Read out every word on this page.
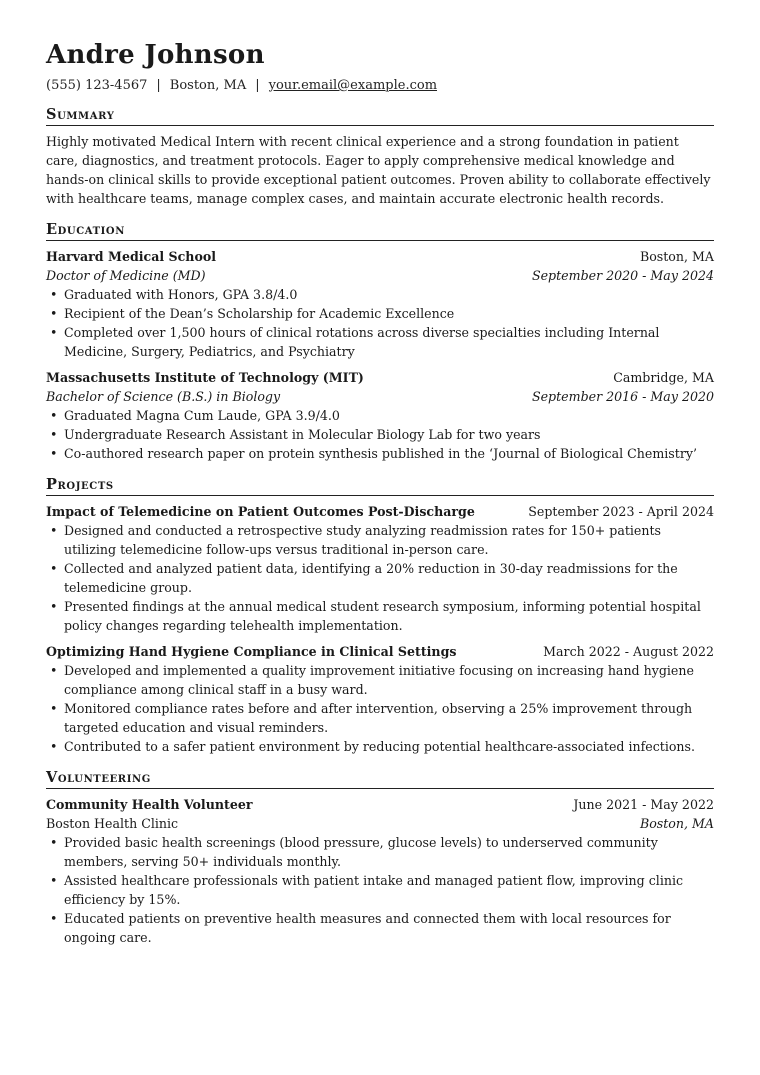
Andre Johnson
(555) 123-4567 | Boston, MA | your.email@example.com
Summary

Highly motivated Medical Intern with recent clinical experience and a strong foundation in patient care, diagnostics, and treatment protocols. Eager to apply comprehensive medical knowledge and hands-on clinical skills to provide exceptional patient outcomes. Proven ability to collaborate effectively with healthcare teams, manage complex cases, and maintain accurate electronic health records.

Education
Harvard Medical School	Boston, MA
Doctor of Medicine (MD)	September 2020 - May 2024
• Graduated with Honors, GPA 3.8/4.0
• Recipient of the Dean’s Scholarship for Academic Excellence
• Completed over 1,500 hours of clinical rotations across diverse specialties including Internal Medicine, Surgery, Pediatrics, and Psychiatry
Massachusetts Institute of Technology (MIT)	Cambridge, MA
Bachelor of Science (B.S.) in Biology	September 2016 - May 2020
• Graduated Magna Cum Laude, GPA 3.9/4.0
• Undergraduate Research Assistant in Molecular Biology Lab for two years
• Co-authored research paper on protein synthesis published in the ‘Journal of Biological Chemistry’
Projects
Impact of Telemedicine on Patient Outcomes Post-Discharge	September 2023 - April 2024
• Designed and conducted a retrospective study analyzing readmission rates for 150+ patients utilizing telemedicine follow-ups versus traditional in-person care.
• Collected and analyzed patient data, identifying a 20% reduction in 30-day readmissions for the telemedicine group.
• Presented findings at the annual medical student research symposium, informing potential hospital policy changes regarding telehealth implementation.
Optimizing Hand Hygiene Compliance in Clinical Settings	March 2022 - August 2022
• Developed and implemented a quality improvement initiative focusing on increasing hand hygiene compliance among clinical staff in a busy ward.
• Monitored compliance rates before and after intervention, observing a 25% improvement through targeted education and visual reminders.
• Contributed to a safer patient environment by reducing potential healthcare-associated infections.
Volunteering
Community Health Volunteer	June 2021 - May 2022
Boston Health Clinic	Boston, MA
• Provided basic health screenings (blood pressure, glucose levels) to underserved community members, serving 50+ individuals monthly.
• Assisted healthcare professionals with patient intake and managed patient flow, improving clinic efficiency by 15%.
• Educated patients on preventive health measures and connected them with local resources for ongoing care.
